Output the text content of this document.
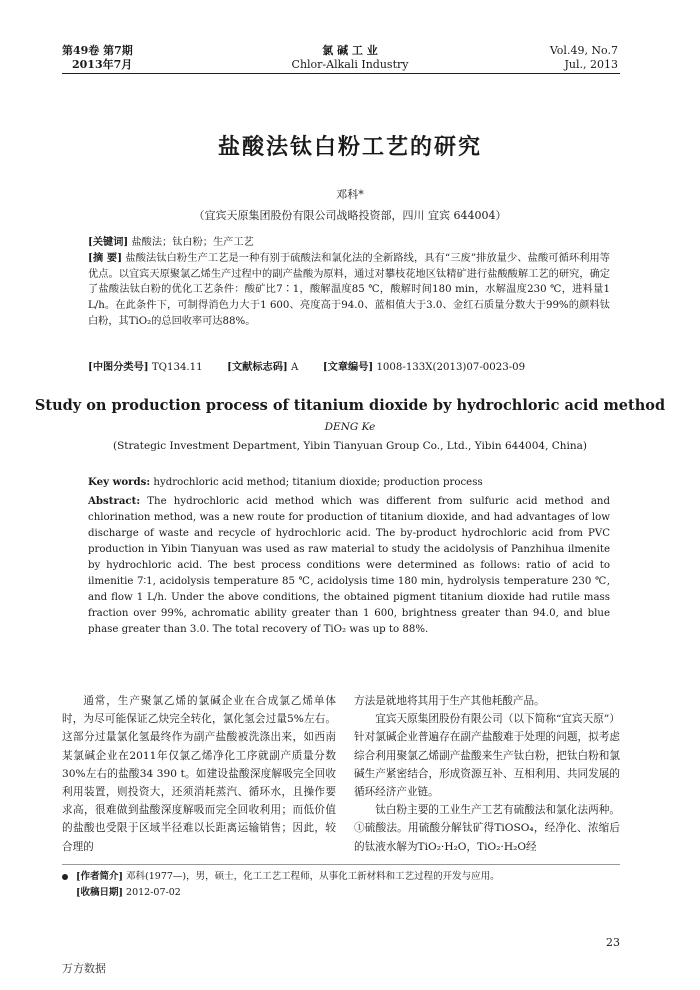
第49卷 第7期
2013年7月
氯 碱 工 业
Chlor-Alkali Industry
Vol.49, No.7
Jul., 2013
盐酸法钛白粉工艺的研究
邓科*
（宜宾天原集团股份有限公司战略投资部，四川 宜宾 644004）
[关键词] 盐酸法；钛白粉；生产工艺
[摘 要] 盐酸法钛白粉生产工艺是一种有别于硫酸法和氯化法的全新路线，具有“三废”排放量少、盐酸可循环利用等优点。以宜宾天原聚氯乙烯生产过程中的副产盐酸为原料，通过对攀枝花地区钛精矿进行盐酸酸解工艺的研究，确定了盐酸法钛白粉的优化工艺条件：酸矿比7∶1，酸解温度85 ℃，酸解时间180 min，水解温度230 ℃，进料量1 L/h。在此条件下，可制得消色力大于1 600、亮度高于94.0、蓝相值大于3.0、金红石质量分数大于99%的颜料钛白粉，其TiO₂的总回收率可达88%。
[中图分类号] TQ134.11 [文献标志码] A [文章编号] 1008-133X(2013)07-0023-09
Study on production process of titanium dioxide by hydrochloric acid method
DENG Ke
(Strategic Investment Department, Yibin Tianyuan Group Co., Ltd., Yibin 644004, China)
Key words: hydrochloric acid method; titanium dioxide; production process
Abstract: The hydrochloric acid method which was different from sulfuric acid method and chlorination method, was a new route for production of titanium dioxide, and had advantages of low discharge of waste and recycle of hydrochloric acid. The by-product hydrochloric acid from PVC production in Yibin Tianyuan was used as raw material to study the acidolysis of Panzhihua ilmenite by hydrochloric acid. The best process conditions were determined as follows: ratio of acid to ilmenitie 7∶1, acidolysis temperature 85 ℃, acidolysis time 180 min, hydrolysis temperature 230 ℃, and flow 1 L/h. Under the above conditions, the obtained pigment titanium dioxide had rutile mass fraction over 99%, achromatic ability greater than 1 600, brightness greater than 94.0, and blue phase greater than 3.0. The total recovery of TiO₂ was up to 88%.

通常，生产聚氯乙烯的氯碱企业在合成氯乙烯单体时，为尽可能保证乙炔完全转化，氯化氢会过量5%左右。这部分过量氯化氢最终作为副产盐酸被洗涤出来，如西南某氯碱企业在2011年仅氯乙烯净化工序就副产质量分数30%左右的盐酸34 390 t。如建设盐酸深度解吸完全回收利用装置，则投资大，还须消耗蒸汽、循环水，且操作要求高，很难做到盐酸深度解吸而完全回收利用；而低价值的盐酸也受限于区域半径难以长距离运输销售；因此，较合理的

方法是就地将其用于生产其他耗酸产品。

宜宾天原集团股份有限公司（以下简称“宜宾天原”）针对氯碱企业普遍存在副产盐酸难于处理的问题，拟考虑综合利用聚氯乙烯副产盐酸来生产钛白粉，把钛白粉和氯碱生产紧密结合，形成资源互补、互相利用、共同发展的循环经济产业链。

钛白粉主要的工业生产工艺有硫酸法和氯化法两种。①硫酸法。用硫酸分解钛矿得TiOSO₄，经净化、浓缩后的钛液水解为TiO₂·H₂O，TiO₂·H₂O经

[作者简介] 邓科(1977—)，男，硕士，化工工艺工程师，从事化工新材料和工艺过程的开发与应用。
[收稿日期] 2012-07-02
23
万方数据
